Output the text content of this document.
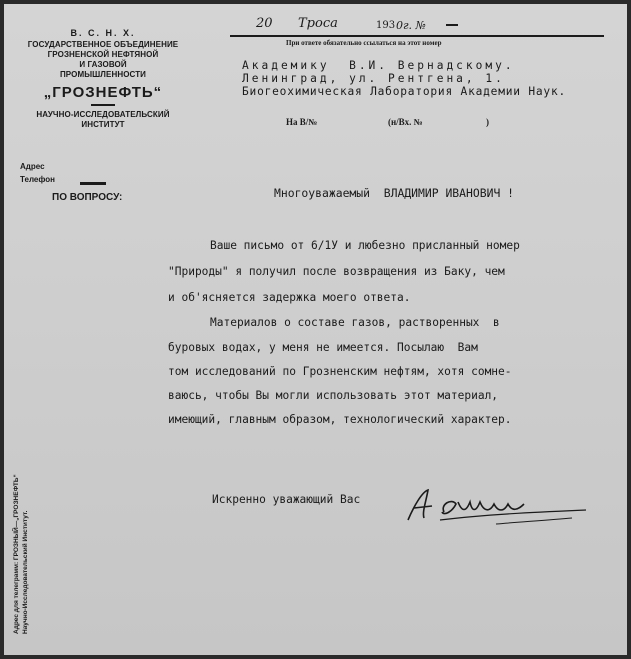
В. С. Н. Х.
ГОСУДАРСТВЕННОЕ ОБЪЕДИНЕНИЕ
ГРОЗНЕНСКОЙ НЕФТЯНОЙ
И ГАЗОВОЙ
ПРОМЫШЛЕННОСТИ
„ГРОЗНЕФТЬ“
НАУЧНО-ИССЛЕДОВАТЕЛЬСКИЙ
ИНСТИТУТ
Адрес
Телефон
ПО ВОПРОСУ:
20 Троса	193 0г. №
При ответе обязательно ссылаться на этот номер
Академику  В.И. Вернадскому.
Ленинград, ул. Рентгена, 1.
Биогеохимическая Лаборатория Академии Наук.
На В/№	(н/Вх. №	)
Многоуважаемый  ВЛАДИМИР ИВАНОВИЧ !
Ваше письмо от 6/1У и любезно присланный номер
"Природы" я получил после возвращения из Баку, чем
и об'ясняется задержка моего ответа.
Материалов о составе газов, растворенных  в
буровых водах, у меня не имеется. Посылаю  Вам
том исследований по Грозненским нефтям, хотя сомне-
ваюсь, чтобы Вы могли использовать этот материал,
имеющий, главным образом, технологический характер.
Искренно уважающий Вас
Адрес для телеграмм: ГРОЗНЫЙ—„ГРОЗНЕФТЬ“ Научно-Исследовательский Институт.
